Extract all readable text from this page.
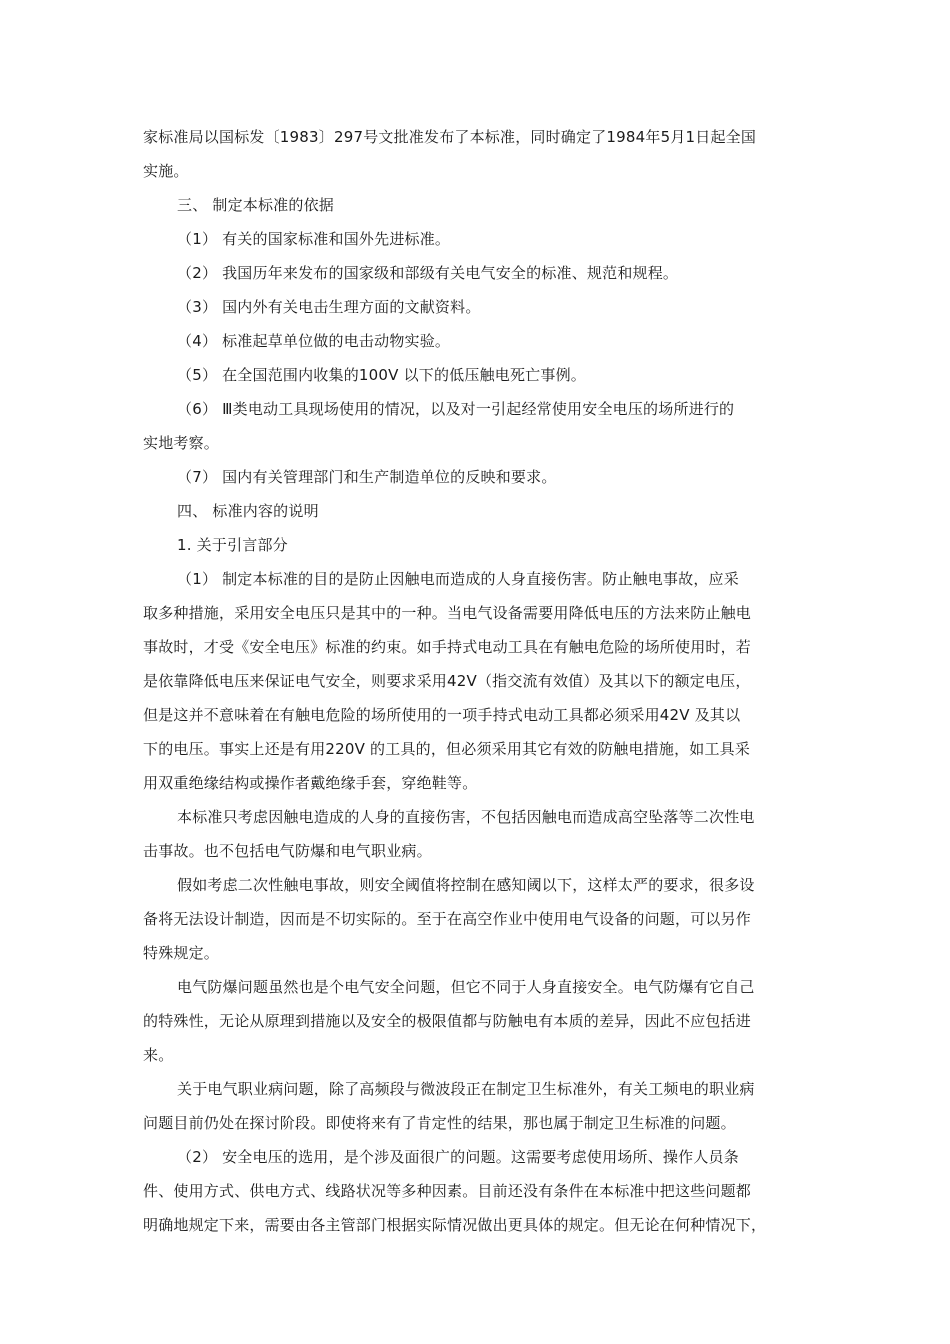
家标准局以国标发〔1983〕297号文批准发布了本标准，同时确定了1984年5月1日起全国
实施。
三、 制定本标准的依据
（1） 有关的国家标准和国外先进标准。
（2） 我国历年来发布的国家级和部级有关电气安全的标准、规范和规程。
（3） 国内外有关电击生理方面的文献资料。
（4） 标准起草单位做的电击动物实验。
（5） 在全国范围内收集的100V 以下的低压触电死亡事例。
（6） Ⅲ类电动工具现场使用的情况，以及对一引起经常使用安全电压的场所进行的
实地考察。
（7） 国内有关管理部门和生产制造单位的反映和要求。
四、 标准内容的说明
1. 关于引言部分
（1） 制定本标准的目的是防止因触电而造成的人身直接伤害。防止触电事故，应采
取多种措施，采用安全电压只是其中的一种。当电气设备需要用降低电压的方法来防止触电
事故时，才受《安全电压》标准的约束。如手持式电动工具在有触电危险的场所使用时，若
是依靠降低电压来保证电气安全，则要求采用42V（指交流有效值）及其以下的额定电压，
但是这并不意味着在有触电危险的场所使用的一项手持式电动工具都必须采用42V 及其以
下的电压。事实上还是有用220V 的工具的，但必须采用其它有效的防触电措施，如工具采
用双重绝缘结构或操作者戴绝缘手套，穿绝鞋等。
本标准只考虑因触电造成的人身的直接伤害，不包括因触电而造成高空坠落等二次性电
击事故。也不包括电气防爆和电气职业病。
假如考虑二次性触电事故，则安全阈值将控制在感知阈以下，这样太严的要求，很多设
备将无法设计制造，因而是不切实际的。至于在高空作业中使用电气设备的问题，可以另作
特殊规定。
电气防爆问题虽然也是个电气安全问题，但它不同于人身直接安全。电气防爆有它自己
的特殊性，无论从原理到措施以及安全的极限值都与防触电有本质的差异，因此不应包括进
来。
关于电气职业病问题，除了高频段与微波段正在制定卫生标准外，有关工频电的职业病
问题目前仍处在探讨阶段。即使将来有了肯定性的结果，那也属于制定卫生标准的问题。
（2） 安全电压的选用，是个涉及面很广的问题。这需要考虑使用场所、操作人员条
件、使用方式、供电方式、线路状况等多种因素。目前还没有条件在本标准中把这些问题都
明确地规定下来，需要由各主管部门根据实际情况做出更具体的规定。但无论在何种情况下，
